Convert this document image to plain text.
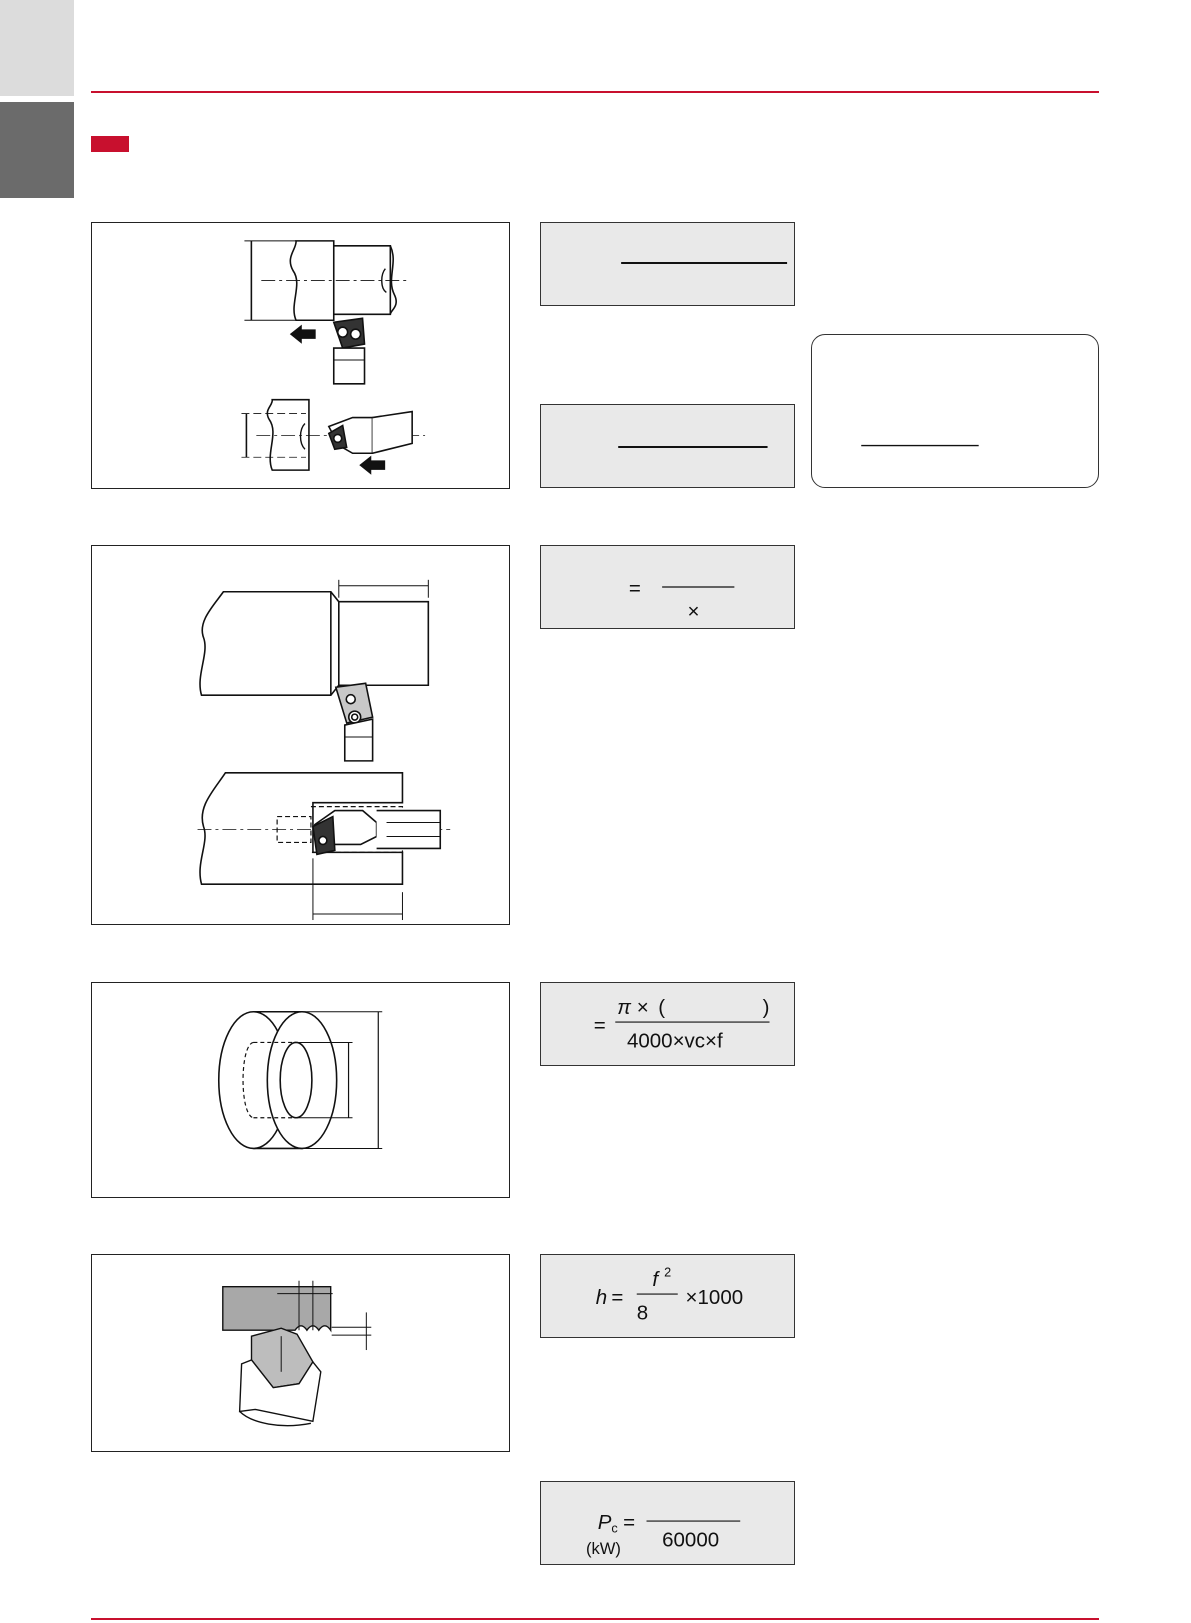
=
×
=
π × (	)
4000×vc×f
h =
f 2
8
×1000
P c =
(kW) 60000
